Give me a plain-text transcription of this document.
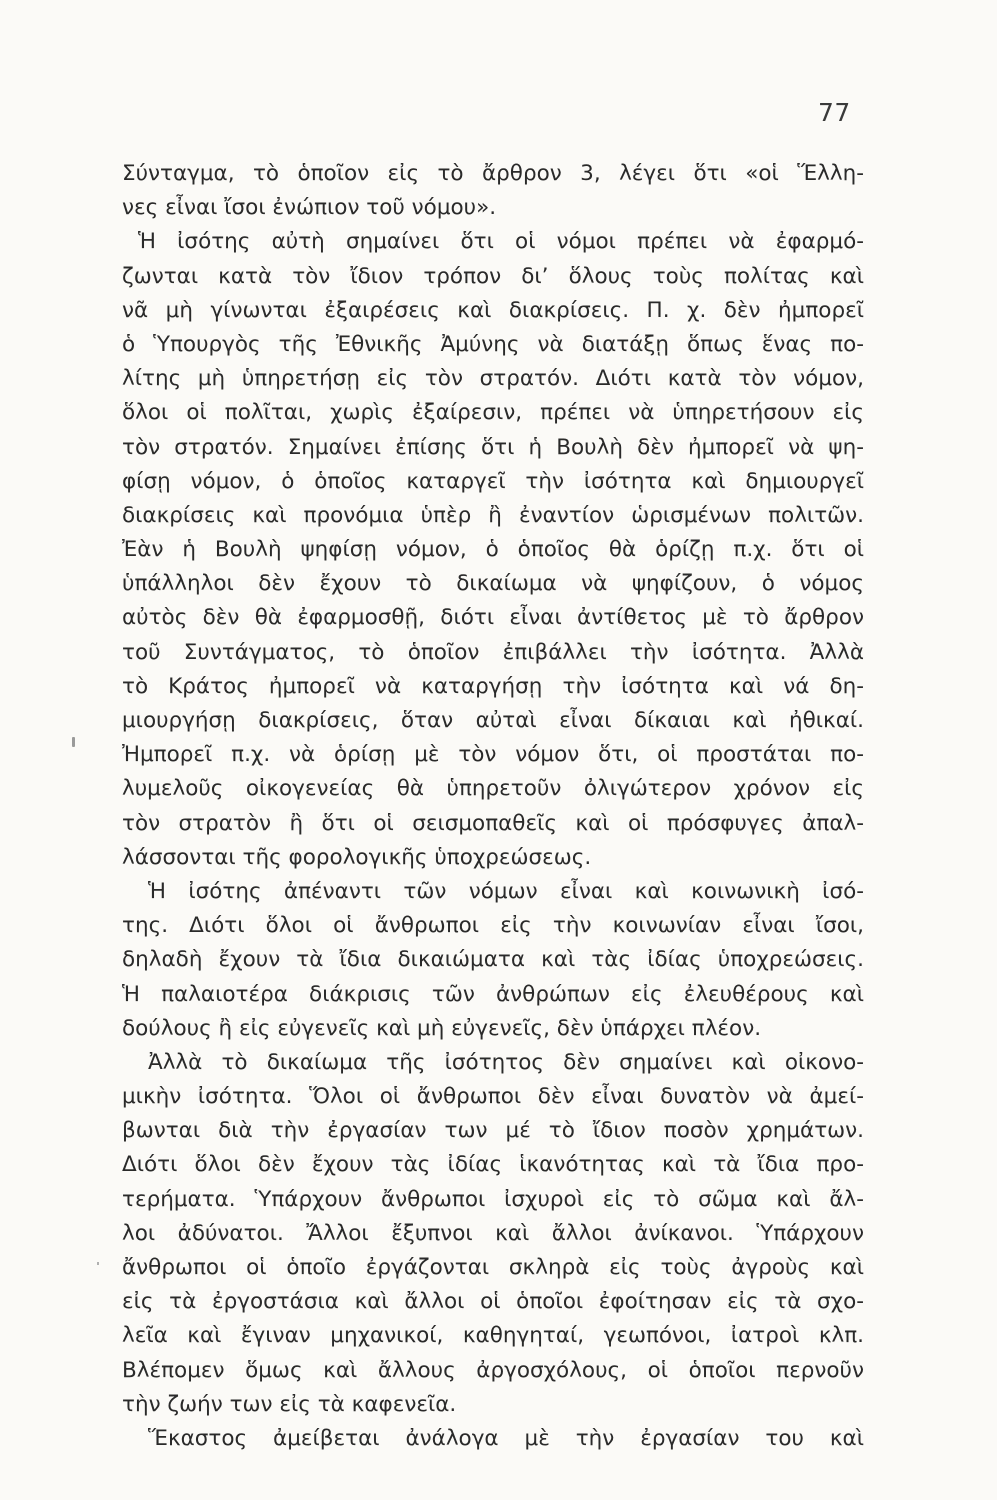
77
Σύνταγμα, τὸ ὁποῖον εἰς τὸ ἄρθρον 3, λέγει ὅτι «οἱ Ἕλλη-
νες εἶναι ἴσοι ἐνώπιον τοῦ νόμου».
Ἡ ἰσότης αὐτὴ σημαίνει ὅτι οἱ νόμοι πρέπει νὰ ἐφαρμό-
ζωνται κατὰ τὸν ἴδιον τρόπον δι’ ὅλους τοὺς πολίτας καὶ
νᾶ μὴ γίνωνται ἐξαιρέσεις καὶ διακρίσεις. Π. χ. δὲν ἠμπορεῖ
ὁ Ὑπουργὸς τῆς Ἐθνικῆς Ἀμύνης νὰ διατάξῃ ὅπως ἕνας πο-
λίτης μὴ ὑπηρετήσῃ εἰς τὸν στρατόν. Διότι κατὰ τὸν νόμον,
ὅλοι οἱ πολῖται, χωρὶς ἐξαίρεσιν, πρέπει νὰ ὑπηρετήσουν εἰς
τὸν στρατόν. Σημαίνει ἐπίσης ὅτι ἡ Βουλὴ δὲν ἠμπορεῖ νὰ ψη-
φίσῃ νόμον, ὁ ὁποῖος καταργεῖ τὴν ἰσότητα καὶ δημιουργεῖ
διακρίσεις καὶ προνόμια ὑπὲρ ἢ ἐναντίον ὡρισμένων πολιτῶν.
Ἐὰν ἡ Βουλὴ ψηφίσῃ νόμον, ὁ ὁποῖος θὰ ὁρίζῃ π.χ. ὅτι οἱ
ὑπάλληλοι δὲν ἔχουν τὸ δικαίωμα νὰ ψηφίζουν, ὁ νόμος
αὐτὸς δὲν θὰ ἐφαρμοσθῇ, διότι εἶναι ἀντίθετος μὲ τὸ ἄρθρον
τοῦ Συντάγματος, τὸ ὁποῖον ἐπιβάλλει τὴν ἰσότητα. Ἀλλὰ
τὸ Κράτος ἠμπορεῖ νὰ καταργήσῃ τὴν ἰσότητα καὶ νά δη-
μιουργήσῃ διακρίσεις, ὅταν αὐταὶ εἶναι δίκαιαι καὶ ἠθικαί.
Ἠμπορεῖ π.χ. νὰ ὁρίσῃ μὲ τὸν νόμον ὅτι, οἱ προστάται πο-
λυμελοῦς οἰκογενείας θὰ ὑπηρετοῦν ὀλιγώτερον χρόνον εἰς
τὸν στρατὸν ἢ ὅτι οἱ σεισμοπαθεῖς καὶ οἱ πρόσφυγες ἀπαλ-
λάσσονται τῆς φορολογικῆς ὑποχρεώσεως.
Ἡ ἰσότης ἀπέναντι τῶν νόμων εἶναι καὶ κοινωνικὴ ἰσό-
της. Διότι ὅλοι οἱ ἄνθρωποι εἰς τὴν κοινωνίαν εἶναι ἴσοι,
δηλαδὴ ἔχουν τὰ ἴδια δικαιώματα καὶ τὰς ἰδίας ὑποχρεώσεις.
Ἡ παλαιοτέρα διάκρισις τῶν ἀνθρώπων εἰς ἐλευθέρους καὶ
δούλους ἢ εἰς εὐγενεῖς καὶ μὴ εὐγενεῖς, δὲν ὑπάρχει πλέον.
Ἀλλὰ τὸ δικαίωμα τῆς ἰσότητος δὲν σημαίνει καὶ οἰκονο-
μικὴν ἰσότητα. Ὅλοι οἱ ἄνθρωποι δὲν εἶναι δυνατὸν νὰ ἀμεί-
βωνται διὰ τὴν ἐργασίαν των μέ τὸ ἴδιον ποσὸν χρημάτων.
Διότι ὅλοι δὲν ἔχουν τὰς ἰδίας ἱκανότητας καὶ τὰ ἴδια προ-
τερήματα. Ὑπάρχουν ἄνθρωποι ἰσχυροὶ εἰς τὸ σῶμα καὶ ἄλ-
λοι ἀδύνατοι. Ἄλλοι ἔξυπνοι καὶ ἄλλοι ἀνίκανοι. Ὑπάρχουν
ἄνθρωποι οἱ ὁποῖο ἐργάζονται σκληρὰ εἰς τοὺς ἀγροὺς καὶ
εἰς τὰ ἐργοστάσια καὶ ἄλλοι οἱ ὁποῖοι ἐφοίτησαν εἰς τὰ σχο-
λεῖα καὶ ἔγιναν μηχανικοί, καθηγηταί, γεωπόνοι, ἰατροὶ κλπ.
Βλέπομεν ὅμως καὶ ἄλλους ἀργοσχόλους, οἱ ὁποῖοι περνοῦν
τὴν ζωήν των εἰς τὰ καφενεῖα.
Ἕκαστος ἀμείβεται ἀνάλογα μὲ τὴν ἐργασίαν του καὶ
